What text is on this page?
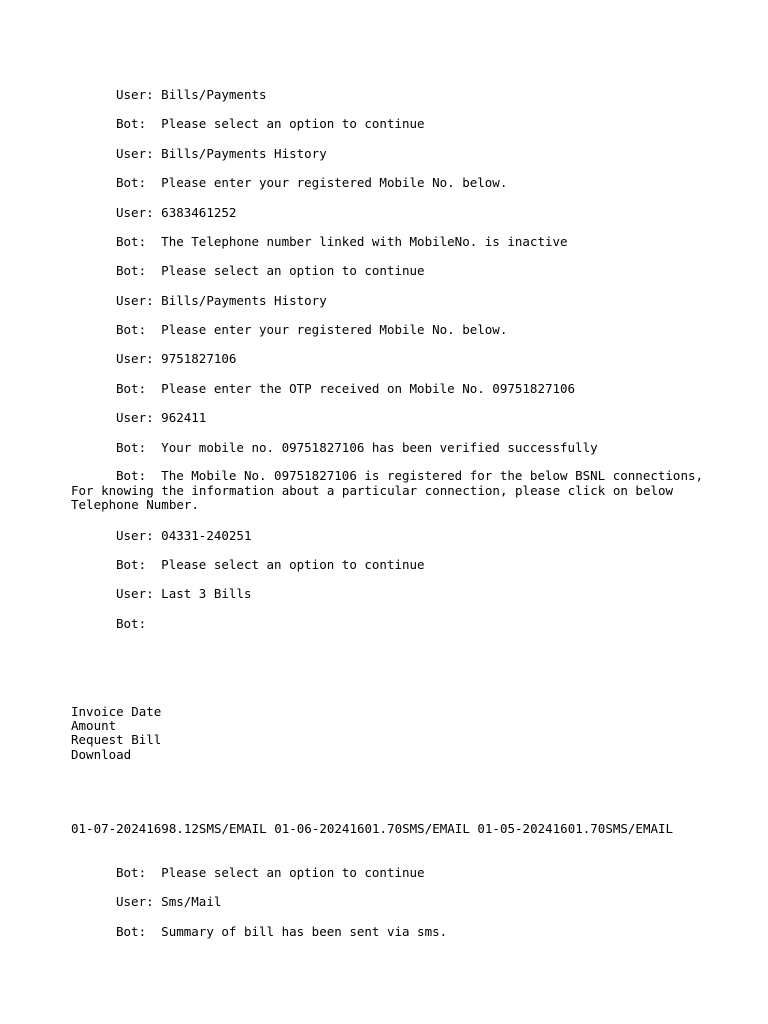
User: Bills/Payments
Bot:  Please select an option to continue
User: Bills/Payments History
Bot:  Please enter your registered Mobile No. below.
User: 6383461252
Bot:  The Telephone number linked with MobileNo. is inactive
Bot:  Please select an option to continue
User: Bills/Payments History
Bot:  Please enter your registered Mobile No. below.
User: 9751827106
Bot:  Please enter the OTP received on Mobile No. 09751827106
User: 962411
Bot:  Your mobile no. 09751827106 has been verified successfully
Bot:  The Mobile No. 09751827106 is registered for the below BSNL connections, For knowing the information about a particular connection, please click on below Telephone Number.
User: 04331-240251
Bot:  Please select an option to continue
User: Last 3 Bills
Bot:
Invoice Date
Amount
Request Bill
Download
01-07-20241698.12SMS/EMAIL 01-06-20241601.70SMS/EMAIL 01-05-20241601.70SMS/EMAIL
Bot:  Please select an option to continue
User: Sms/Mail
Bot:  Summary of bill has been sent via sms.
